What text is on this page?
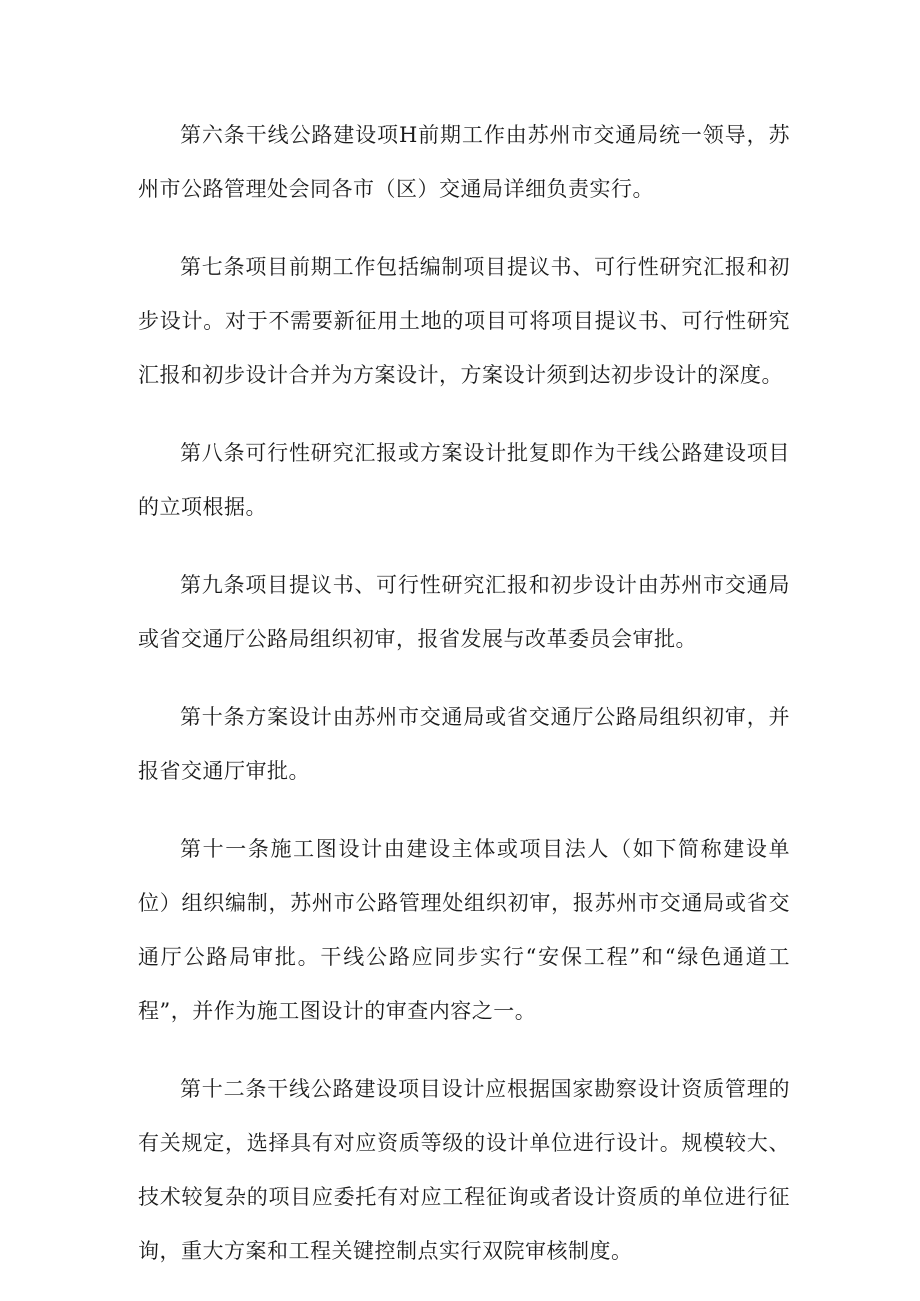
第六条干线公路建设项H前期工作由苏州市交通局统一领导，苏州市公路管理处会同各市（区）交通局详细负责实行。

第七条项目前期工作包括编制项目提议书、可行性研究汇报和初步设计。对于不需要新征用土地的项目可将项目提议书、可行性研究汇报和初步设计合并为方案设计，方案设计须到达初步设计的深度。

第八条可行性研究汇报或方案设计批复即作为干线公路建设项目的立项根据。

第九条项目提议书、可行性研究汇报和初步设计由苏州市交通局或省交通厅公路局组织初审，报省发展与改革委员会审批。

第十条方案设计由苏州市交通局或省交通厅公路局组织初审，并报省交通厅审批。

第十一条施工图设计由建设主体或项目法人（如下简称建设单位）组织编制，苏州市公路管理处组织初审，报苏州市交通局或省交通厅公路局审批。干线公路应同步实行“安保工程”和“绿色通道工程”，并作为施工图设计的审查内容之一。

第十二条干线公路建设项目设计应根据国家勘察设计资质管理的有关规定，选择具有对应资质等级的设计单位进行设计。规模较大、技术较复杂的项目应委托有对应工程征询或者设计资质的单位进行征询，重大方案和工程关键控制点实行双院审核制度。
